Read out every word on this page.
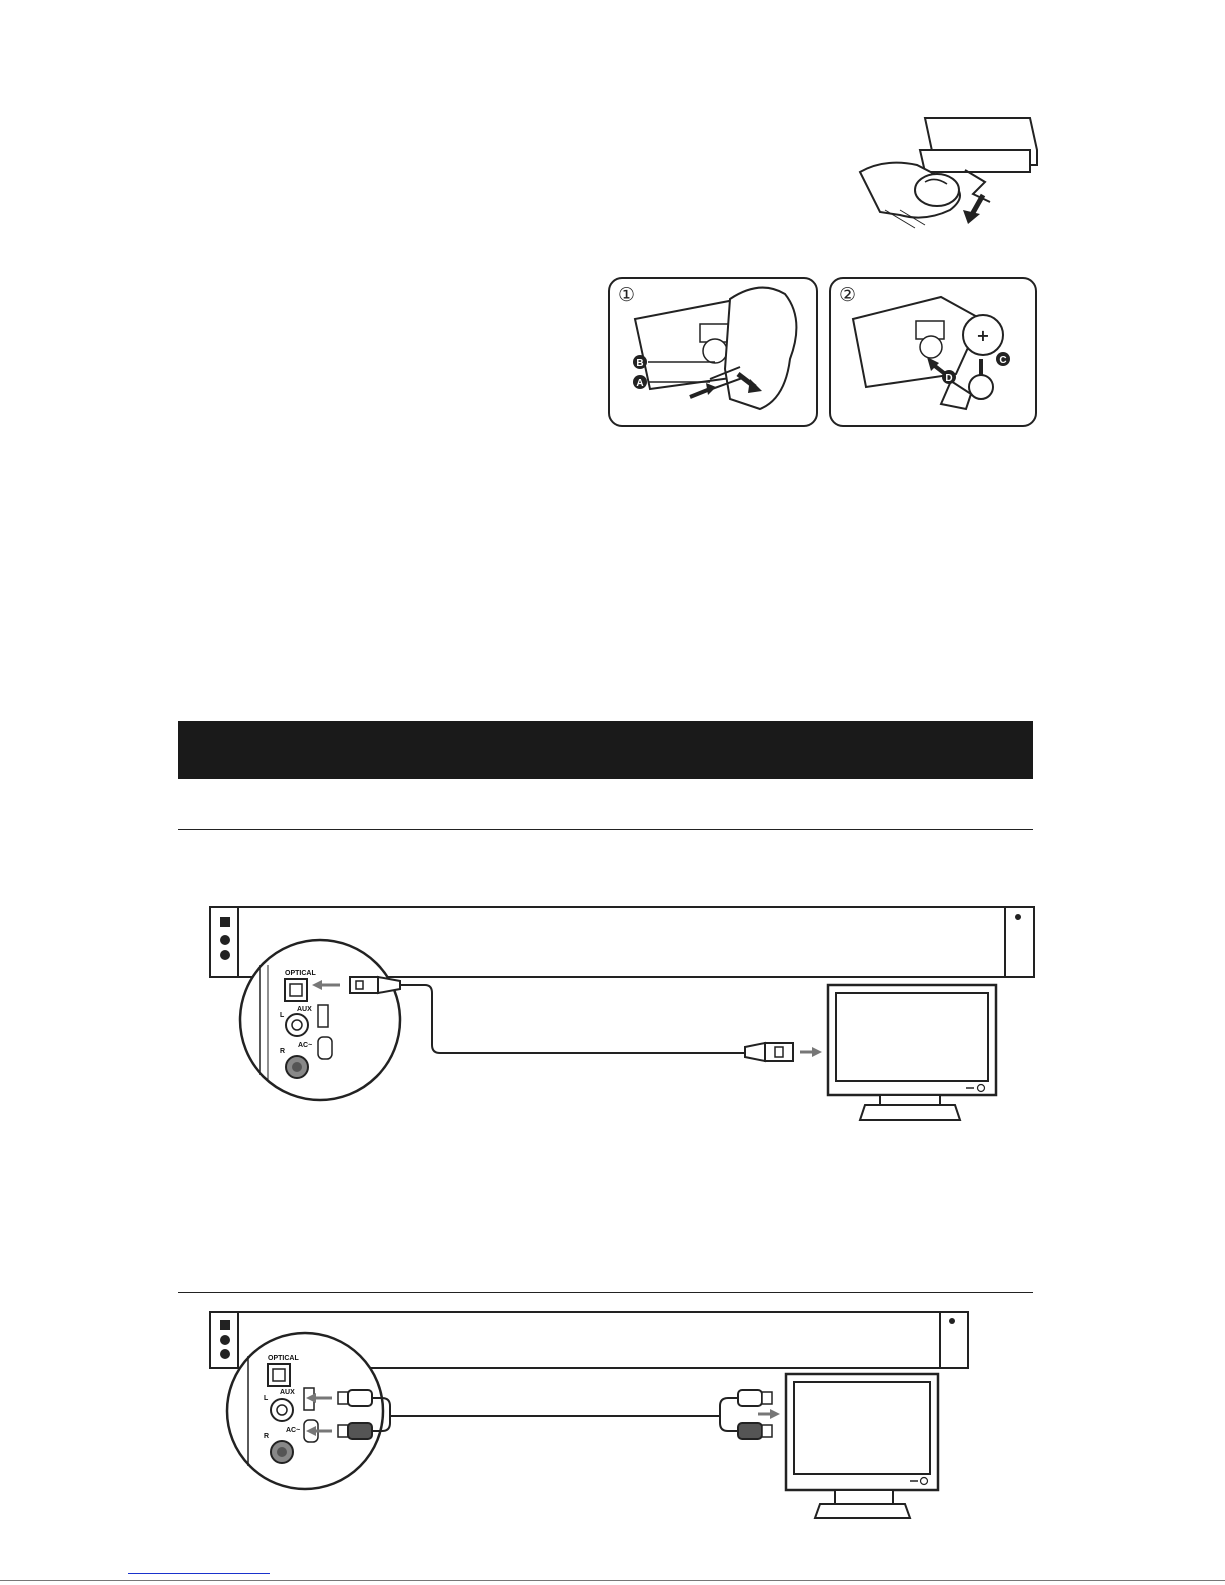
①
B
A
②
+
C
D
OPTICAL
L
AUX
AC~
R
OPTICAL
L
AUX
AC~
R
